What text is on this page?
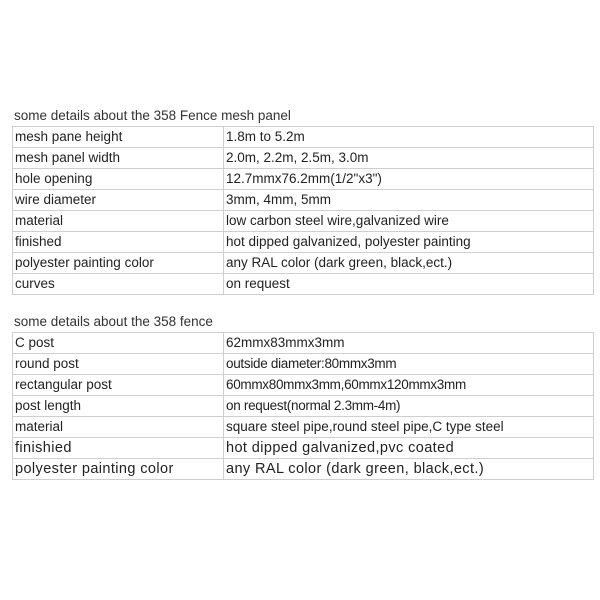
some details about the 358 Fence mesh panel
mesh pane height	1.8m to 5.2m
mesh panel width	2.0m, 2.2m, 2.5m, 3.0m
hole opening	12.7mmx76.2mm(1/2"x3")
wire diameter	3mm, 4mm, 5mm
material	low carbon steel wire,galvanized wire
finished	hot dipped galvanized, polyester painting
polyester painting color	any RAL color (dark green, black,ect.)
curves	on request
some details about the 358 fence
C post	62mmx83mmx3mm
round post	outside diameter:80mmx3mm
rectangular post	60mmx80mmx3mm,60mmx120mmx3mm
post length	on request(normal 2.3mm-4m)
material	square steel pipe,round steel pipe,C type steel
finishied	hot dipped galvanized,pvc coated
polyester painting color	any RAL color (dark green, black,ect.)
